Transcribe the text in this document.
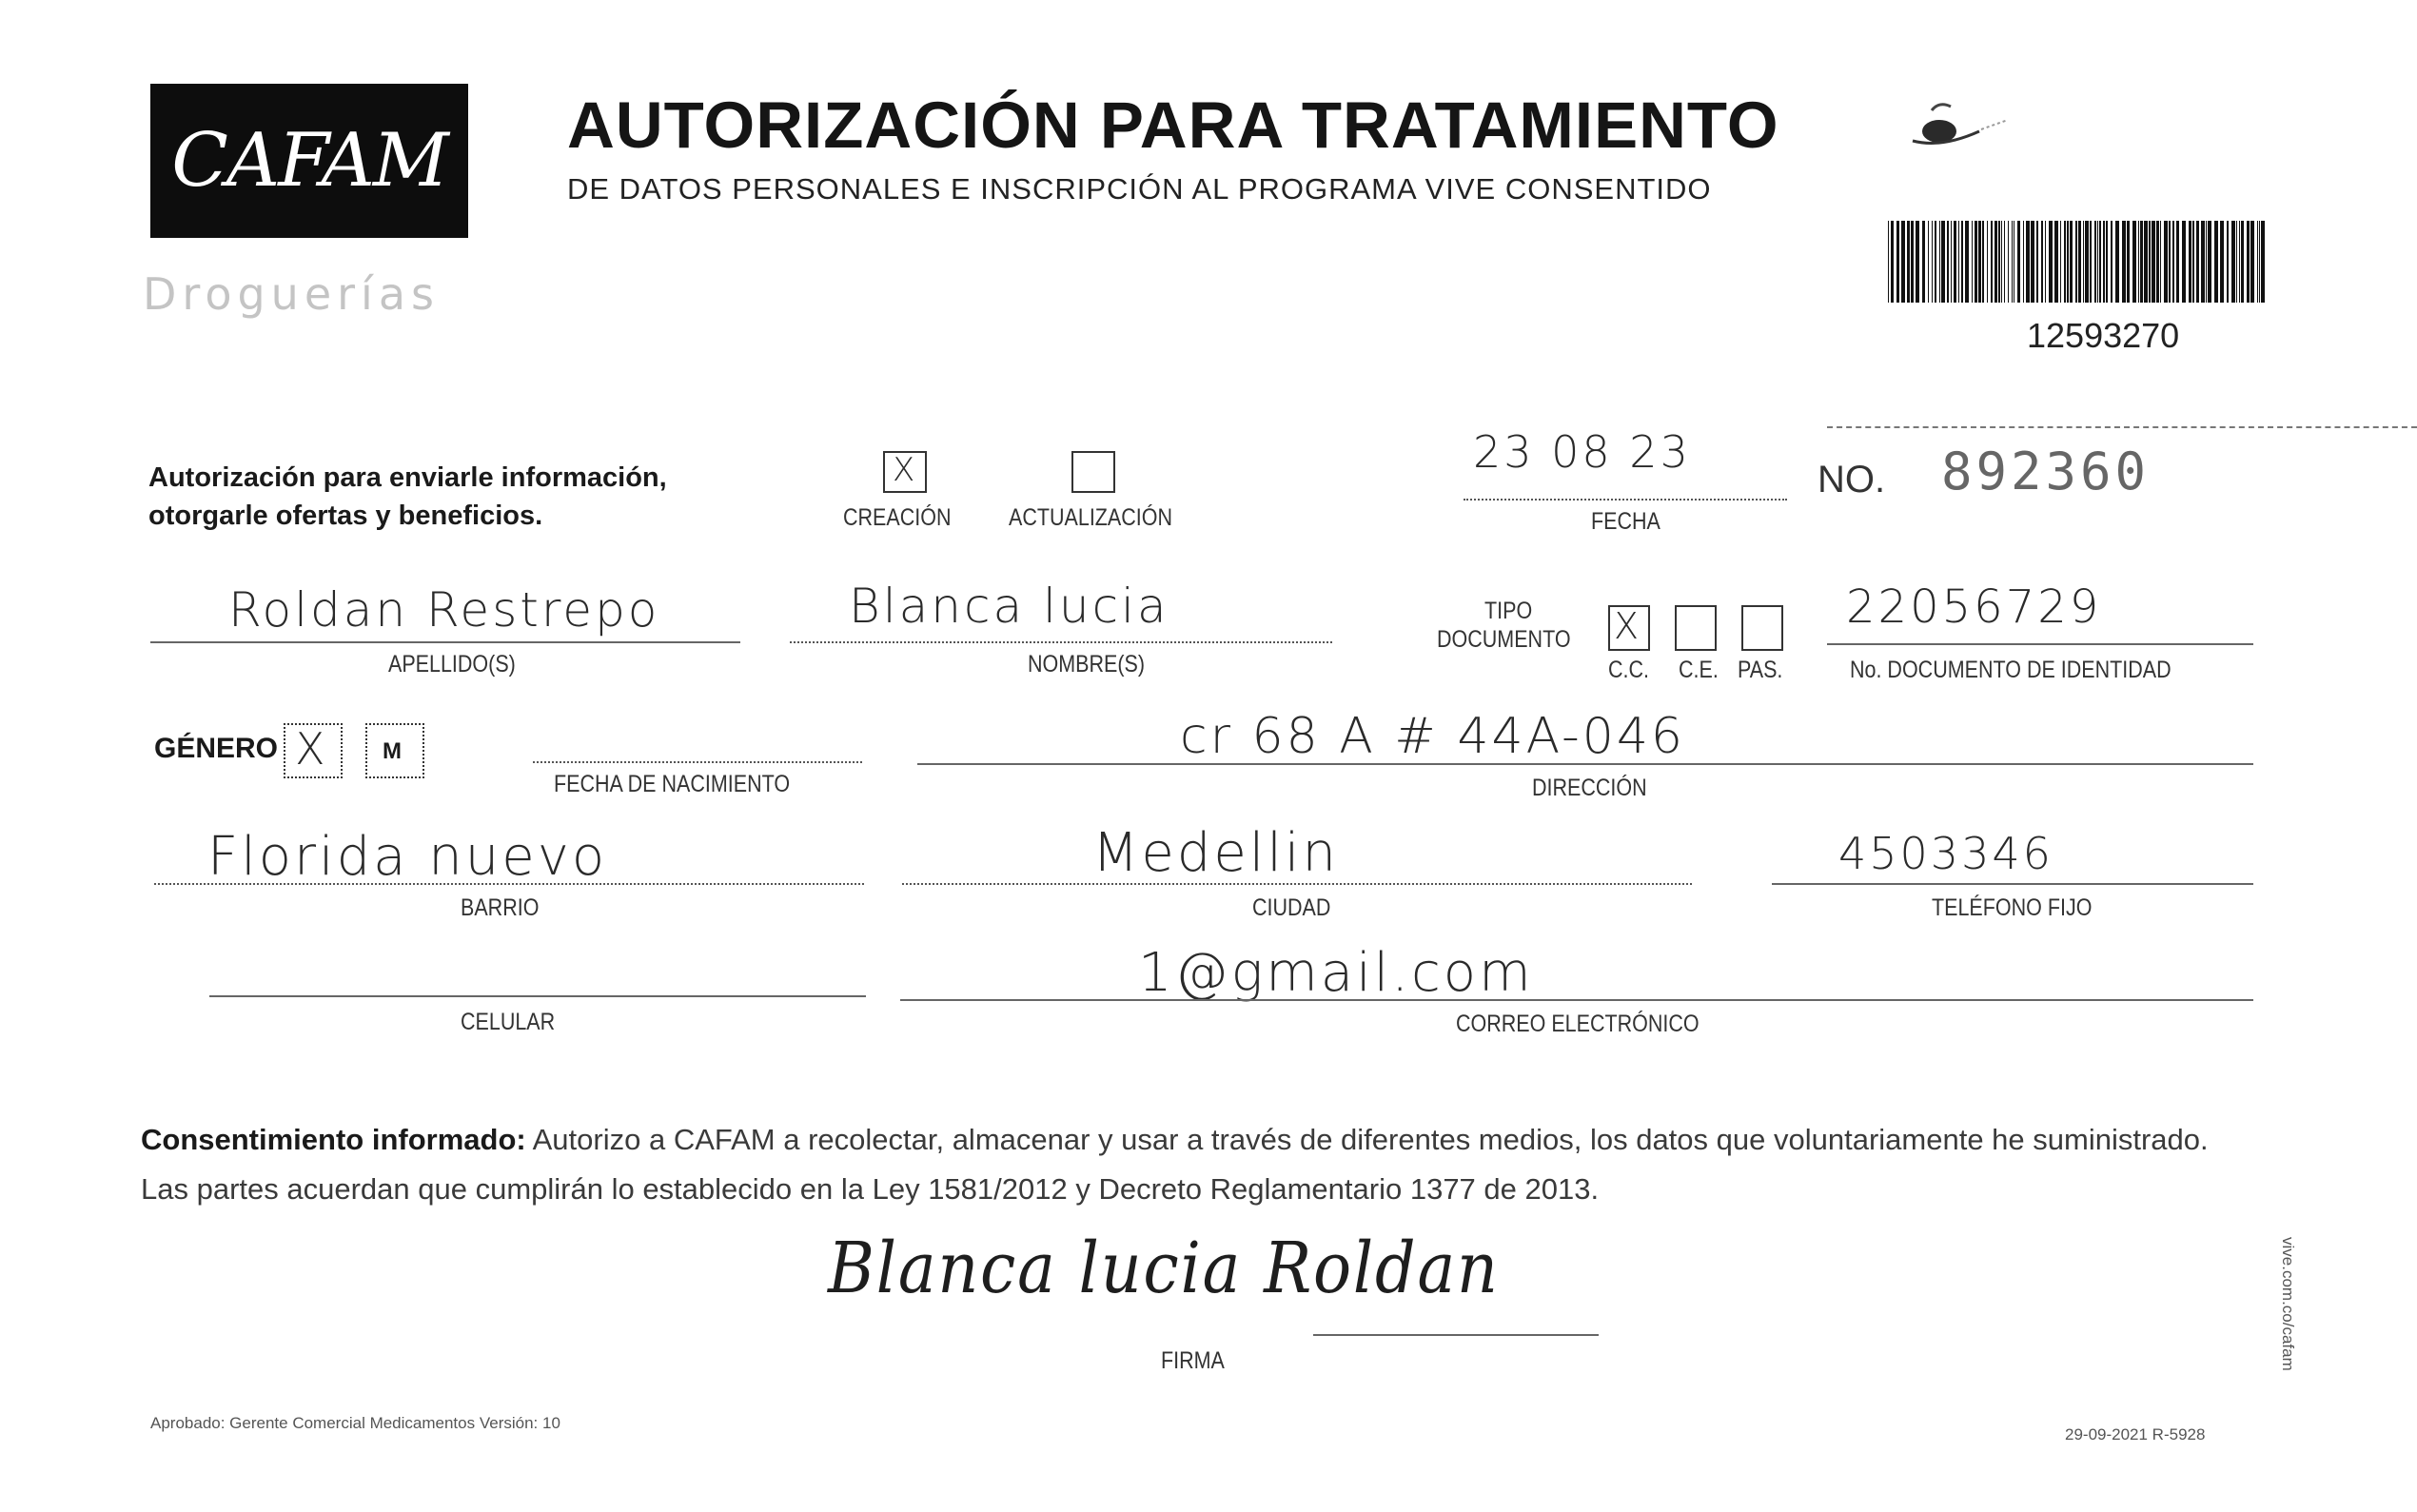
CAFAM
Droguerías
AUTORIZACIÓN PARA TRATAMIENTO
DE DATOS PERSONALES E INSCRIPCIÓN AL PROGRAMA VIVE CONSENTIDO
12593270
Autorización para enviarle información,
otorgarle ofertas y beneficios.
X
CREACIÓN ACTUALIZACIÓN
23 08 23
FECHA
NO. 892360
Roldan Restrepo
APELLIDO(S)
Blanca lucia
NOMBRE(S)
TIPO
DOCUMENTO X
C.C. C.E. PAS.
22056729
No. DOCUMENTO DE IDENTIDAD
GÉNERO X M
FECHA DE NACIMIENTO
cr 68 A # 44A-046
DIRECCIÓN
Florida nuevo
BARRIO
Medellin
CIUDAD
4503346
TELÉFONO FIJO
CELULAR
1@gmail.com
CORREO ELECTRÓNICO
Consentimiento informado: Autorizo a CAFAM a recolectar, almacenar y usar a través de diferentes medios, los datos que voluntariamente he suministrado. Las partes acuerdan que cumplirán lo establecido en la Ley 1581/2012 y Decreto Reglamentario 1377 de 2013.
Blanca lucia Roldan
FIRMA
Aprobado: Gerente Comercial Medicamentos Versión: 10
29-09-2021 R-5928
vive.com.co/cafam
